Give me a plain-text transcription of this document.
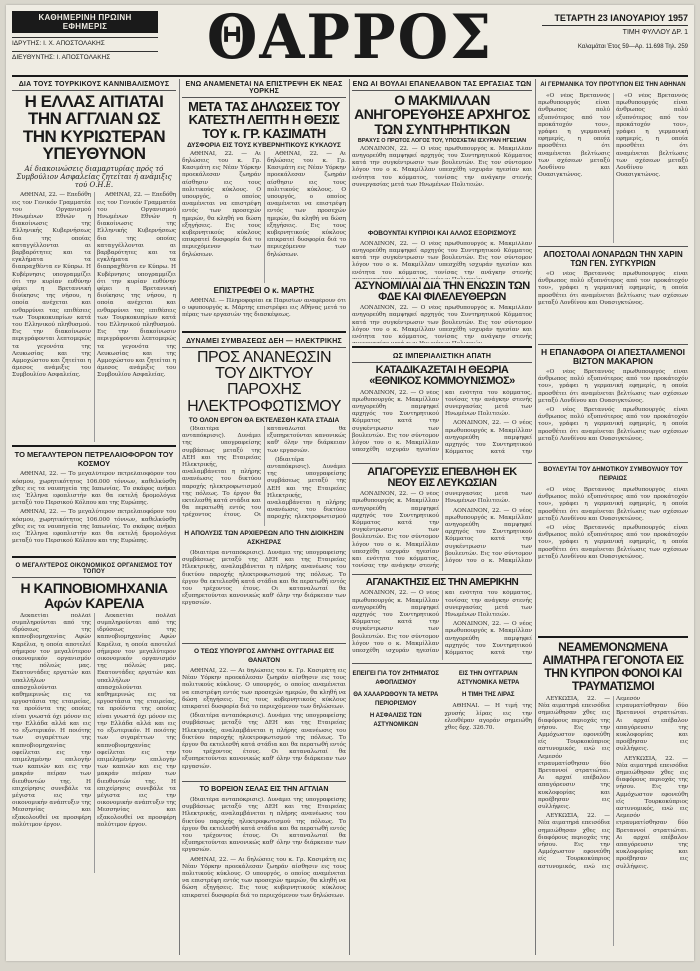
ΚΑΘΗΜΕΡΙΝΗ ΠΡΩΙΝΗ ΕΦΗΜΕΡΙΣ
ΙΔΡΥΤΗΣ: Ι. Χ. ΑΠΟΣΤΟΛΑΚΗΣ
ΔΙΕΥΘΥΝΤΗΣ: Ι. ΑΠΟΣΤΟΛΑΚΗΣ	ΘΑΡΡΟΣ	ΤΕΤΑΡΤΗ 23 ΙΑΝΟΥΑΡΙΟΥ 1957
ΤΙΜΗ ΦΥΛΛΟΥ ΔΡ. 1
Καλαμάται Έτος 59—Αρ. 11.698 Τηλ. 259
ΔΙΑ ΤΟΥΣ ΤΟΥΡΚΙΚΟΥΣ ΚΑΝΝΙΒΑΛΙΣΜΟΥΣ
Η ΕΛΛΑΣ ΑΙΤΙΑΤΑΙ ΤΗΝ ΑΓΓΛΙΑΝ ΩΣ ΤΗΝ ΚΥΡΙΩΤΕΡΑΝ ΥΠΕΥΘΥΝΟΝ
Αί διακοινώσεις διαμαρτυρίας πρός τό Συμβούλιον Ασφαλείας ζητείται ή ανάμιξις τού Ο.Η.Ε.

ΑΘΗΝΑΙ, 22. — Επεδόθη εις τον Γενικόν Γραμματέα του Οργανισμού Ηνωμένων Εθνών η διακοίνωσις της Ελληνικής Κυβερνήσεως δια της οποίας καταγγέλλονται αι βαρβαρότητες και τα εγκλήματα τα διαπραχθέντα εν Κύπρω. Η Κυβέρνησις υπογραμμίζει ότι την κυρίαν ευθύνην φέρει η Βρεταννική διοίκησις της νήσου, η οποία ανέχεται και ενθαρρύνει τας επιθέσεις των Τουρκοκυπρίων κατά του Ελληνικού πληθυσμού. Εις την διακοίνωσιν περιγράφονται λεπτομερώς τα γεγονότα της Λευκωσίας και της Αμμοχώστου και ζητείται η άμεσος ανάμιξις του Συμβουλίου Ασφαλείας.

ΑΘΗΝΑΙ, 22. — Επεδόθη εις τον Γενικόν Γραμματέα του Οργανισμού Ηνωμένων Εθνών η διακοίνωσις της Ελληνικής Κυβερνήσεως δια της οποίας καταγγέλλονται αι βαρβαρότητες και τα εγκλήματα τα διαπραχθέντα εν Κύπρω. Η Κυβέρνησις υπογραμμίζει ότι την κυρίαν ευθύνην φέρει η Βρεταννική διοίκησις της νήσου, η οποία ανέχεται και ενθαρρύνει τας επιθέσεις των Τουρκοκυπρίων κατά του Ελληνικού πληθυσμού. Εις την διακοίνωσιν περιγράφονται λεπτομερώς τα γεγονότα της Λευκωσίας και της Αμμοχώστου και ζητείται η άμεσος ανάμιξις του Συμβουλίου Ασφαλείας.

ΤΟ ΜΕΓΑΛΥΤΕΡΟΝ ΠΕΤΡΕΛΑΙΟΦΟΡΟΝ ΤΟΥ ΚΟΣΜΟΥ

ΑΘΗΝΑΙ, 22. — Το μεγαλύτερον πετρελαιοφόρον του κόσμου, χωρητικότητος 106.000 τόννων, καθελκύσθη χθες εις τα ναυπηγεία της Ιαπωνίας. Το σκάφος ανήκει εις Έλληνα εφοπλιστήν και θα εκτελή δρομολόγια μεταξύ του Περσικού Κόλπου και της Ευρώπης.

ΑΘΗΝΑΙ, 22. — Το μεγαλύτερον πετρελαιοφόρον του κόσμου, χωρητικότητος 106.000 τόννων, καθελκύσθη χθες εις τα ναυπηγεία της Ιαπωνίας. Το σκάφος ανήκει εις Έλληνα εφοπλιστήν και θα εκτελή δρομολόγια μεταξύ του Περσικού Κόλπου και της Ευρώπης.

Ο ΜΕΓΑΛΥΤΕΡΟΣ ΟΙΚΟΝΟΜΙΚΟΣ ΟΡΓΑΝΙΣΜΟΣ ΤΟΥ ΤΟΠΟΥ
Η ΚΑΠΝΟΒΙΟΜΗΧΑΝΙΑ Αφών ΚΑΡΕΛΙΑ

Δεκαετίαι πολλαί συμπληρούνται από της ιδρύσεως της καπνοβιομηχανίας Αφών Καρέλια, η οποία αποτελεί σήμερον τον μεγαλύτερον οικονομικόν οργανισμόν της πόλεώς μας. Εκατοντάδες εργατών και υπαλλήλων απασχολούνται καθημερινώς εις τα εργοστάσια της εταιρείας, τα προϊόντα της οποίας είναι γνωστά όχι μόνον εις την Ελλάδα αλλά και εις το εξωτερικόν. Η ποιότης των σιγαρέττων της καπνοβιομηχανίας οφείλεται εις την επιμελημένην επιλογήν των καπνών και εις την μακράν πείραν των διευθυντών της. Η επιχείρησις συνεβάλε τα μέγιστα εις την οικονομικήν ανάπτυξιν της Μεσσηνίας και εξακολουθεί να προσφέρη πολύτιμον έργον.

Δεκαετίαι πολλαί συμπληρούνται από της ιδρύσεως της καπνοβιομηχανίας Αφών Καρέλια, η οποία αποτελεί σήμερον τον μεγαλύτερον οικονομικόν οργανισμόν της πόλεώς μας. Εκατοντάδες εργατών και υπαλλήλων απασχολούνται καθημερινώς εις τα εργοστάσια της εταιρείας, τα προϊόντα της οποίας είναι γνωστά όχι μόνον εις την Ελλάδα αλλά και εις το εξωτερικόν. Η ποιότης των σιγαρέττων της καπνοβιομηχανίας οφείλεται εις την επιμελημένην επιλογήν των καπνών και εις την μακράν πείραν των διευθυντών της. Η επιχείρησις συνεβάλε τα μέγιστα εις την οικονομικήν ανάπτυξιν της Μεσσηνίας και εξακολουθεί να προσφέρη πολύτιμον έργον.

ΕΝΩ ΑΝΑΜΕΝΕΤΑΙ ΝΑ ΕΠΙΣΤΡΕΨΗ ΕΚ ΝΕΑΣ ΥΟΡΚΗΣ
ΜΕΤΑ ΤΑΣ ΔΗΛΩΣΕΙΣ ΤΟΥ ΚΑΤΕΣΤΗ ΛΕΠΤΗ Η ΘΕΣΙΣ ΤΟΥ κ. ΓΡ. ΚΑΣΙΜΑΤΗ
ΔΥΣΦΟΡΙΑ ΕΙΣ ΤΟΥΣ ΚΥΒΕΡΝΗΤΙΚΟΥΣ ΚΥΚΛΟΥΣ

ΑΘΗΝΑΙ, 22. — Αι δηλώσεις του κ. Γρ. Κασιμάτη εις Νέαν Υόρκην προεκάλεσαν ζωηράν αίσθησιν εις τους πολιτικούς κύκλους. Ο υπουργός, ο οποίος αναμένεται να επιστρέψη εντός των προσεχών ημερών, θα κληθή να δώση εξηγήσεις. Εις τους κυβερνητικούς κύκλους επικρατεί δυσφορία διά το περιεχόμενον των δηλώσεων.

ΑΘΗΝΑΙ, 22. — Αι δηλώσεις του κ. Γρ. Κασιμάτη εις Νέαν Υόρκην προεκάλεσαν ζωηράν αίσθησιν εις τους πολιτικούς κύκλους. Ο υπουργός, ο οποίος αναμένεται να επιστρέψη εντός των προσεχών ημερών, θα κληθή να δώση εξηγήσεις. Εις τους κυβερνητικούς κύκλους επικρατεί δυσφορία διά το περιεχόμενον των δηλώσεων.

ΕΠΙΣΤΡΕΦΕΙ Ο κ. ΜΑΡΤΗΣ

ΑΘΗΝΑΙ. — Πληροφορίαι εκ Παρισίων αναφέρουν ότι ο υφυπουργός κ. Μάρτης επιστρέφει εις Αθήνας μετά το πέρας των εργασιών της διασκέψεως.

ΔΥΝΑΜΕΙ ΣΥΜΒΑΣΕΩΣ ΔΕΗ — ΗΛΕΚΤΡΙΚΗΣ
ΠΡΟΣ ΑΝΑΝΕΩΣΙΝ ΤΟΥ ΔΙΚΤΥΟΥ ΠΑΡΟΧΗΣ ΗΛΕΚΤΡΟΦΩΤΙΣΜΟΥ
ΤΟ ΟΛΟΝ ΕΡΓΟΝ ΘΑ ΕΚΤΕΛΕΣΘΗ ΚΑΤΑ ΣΤΑΔΙΑ

(Ιδιαιτέρα ανταπόκρισις). Δυνάμει της υπογραφείσης συμβάσεως μεταξύ της ΔΕΗ και της Εταιρείας Ηλεκτρικής, αναλαμβάνεται η πλήρης ανανέωσις του δικτύου παροχής ηλεκτροφωτισμού της πόλεως. Το έργον θα εκτελεσθή κατά στάδια και θα περατωθή εντός του τρέχοντος έτους. Οι καταναλωταί θα εξυπηρετούνται κανονικώς καθ' όλην την διάρκειαν των εργασιών.

(Ιδιαιτέρα ανταπόκρισις). Δυνάμει της υπογραφείσης συμβάσεως μεταξύ της ΔΕΗ και της Εταιρείας Ηλεκτρικής, αναλαμβάνεται η πλήρης ανανέωσις του δικτύου παροχής ηλεκτροφωτισμού

Η ΑΠΟΛΥΣΙΣ ΤΩΝ ΑΡΧΙΕΡΕΩΝ ΑΠΟ ΤΗΝ ΔΙΟΙΚΗΣΙΝ ΑΣΚΗΣΡΑΣ

(Ιδιαιτέρα ανταπόκρισις). Δυνάμει της υπογραφείσης συμβάσεως μεταξύ της ΔΕΗ και της Εταιρείας Ηλεκτρικής, αναλαμβάνεται η πλήρης ανανέωσις του δικτύου παροχής ηλεκτροφωτισμού της πόλεως. Το έργον θα εκτελεσθή κατά στάδια και θα περατωθή εντός του τρέχοντος έτους. Οι καταναλωταί θα εξυπηρετούνται κανονικώς καθ' όλην την διάρκειαν των εργασιών.

Ο ΤΕΩΣ ΥΠΟΥΡΓΟΣ ΑΜΥΝΗΣ ΟΥΓΓΑΡΙΑΣ ΕΙΣ ΘΑΝΑΤΟΝ

ΑΘΗΝΑΙ, 22. — Αι δηλώσεις του κ. Γρ. Κασιμάτη εις Νέαν Υόρκην προεκάλεσαν ζωηράν αίσθησιν εις τους πολιτικούς κύκλους. Ο υπουργός, ο οποίος αναμένεται να επιστρέψη εντός των προσεχών ημερών, θα κληθή να δώση εξηγήσεις. Εις τους κυβερνητικούς κύκλους επικρατεί δυσφορία διά το περιεχόμενον των δηλώσεων.

(Ιδιαιτέρα ανταπόκρισις). Δυνάμει της υπογραφείσης συμβάσεως μεταξύ της ΔΕΗ και της Εταιρείας Ηλεκτρικής, αναλαμβάνεται η πλήρης ανανέωσις του δικτύου παροχής ηλεκτροφωτισμού της πόλεως. Το έργον θα εκτελεσθή κατά στάδια και θα περατωθή εντός του τρέχοντος έτους. Οι καταναλωταί θα εξυπηρετούνται κανονικώς καθ' όλην την διάρκειαν των εργασιών.

ΤΟ ΒΟΡΕΙΟΝ ΣΕΛΑΣ ΕΙΣ ΤΗΝ ΑΓΓΛΙΑΝ

(Ιδιαιτέρα ανταπόκρισις). Δυνάμει της υπογραφείσης συμβάσεως μεταξύ της ΔΕΗ και της Εταιρείας Ηλεκτρικής, αναλαμβάνεται η πλήρης ανανέωσις του δικτύου παροχής ηλεκτροφωτισμού της πόλεως. Το έργον θα εκτελεσθή κατά στάδια και θα περατωθή εντός του τρέχοντος έτους. Οι καταναλωταί θα εξυπηρετούνται κανονικώς καθ' όλην την διάρκειαν των εργασιών.

ΑΘΗΝΑΙ, 22. — Αι δηλώσεις του κ. Γρ. Κασιμάτη εις Νέαν Υόρκην προεκάλεσαν ζωηράν αίσθησιν εις τους πολιτικούς κύκλους. Ο υπουργός, ο οποίος αναμένεται να επιστρέψη εντός των προσεχών ημερών, θα κληθή να δώση εξηγήσεις. Εις τους κυβερνητικούς κύκλους επικρατεί δυσφορία διά το περιεχόμενον των δηλώσεων.

ΕΝΩ ΑΙ ΒΟΥΛΑΙ ΕΠΑΝΕΛΑΒΟΝ ΤΑΣ ΕΡΓΑΣΙΑΣ ΤΩΝ
Ο ΜΑΚΜΙΛΛΑΝ ΑΝΗΓΟΡΕΥΘΗΣΕ ΑΡΧΗΓΟΣ ΤΩΝ ΣΥΝΤΗΡΗΤΙΚΩΝ
ΒΡΑΧΥΣ Ο ΠΡΩΤΟΣ ΛΟΓΟΣ ΤΟΥ, ΥΠΟΣΧΕΤΑΙ ΙΣΧΥΡΑΝ ΗΓΕΣΙΑΝ

ΛΟΝΔΙΝΟΝ, 22. — Ο νέος πρωθυπουργός κ. Μακμίλλαν ανηγορεύθη παμψηφεί αρχηγός του Συντηρητικού Κόμματος κατά την συγκέντρωσιν των βουλευτών. Εις τον σύντομον λόγον του ο κ. Μακμίλλαν υπεσχέθη ισχυράν ηγεσίαν και ενότητα του κόμματος, τονίσας την ανάγκην στενής συνεργασίας μετά των Ηνωμένων Πολιτειών.

ΦΟΒΟΥΝΤΑΙ ΚΥΠΡΙΟΙ ΚΑΙ ΑΛΛΟΣ ΕΞΟΡΙΣΜΟΥΣ

ΛΟΝΔΙΝΟΝ, 22. — Ο νέος πρωθυπουργός κ. Μακμίλλαν ανηγορεύθη παμψηφεί αρχηγός του Συντηρητικού Κόμματος κατά την συγκέντρωσιν των βουλευτών. Εις τον σύντομον λόγον του ο κ. Μακμίλλαν υπεσχέθη ισχυράν ηγεσίαν και ενότητα του κόμματος, τονίσας την ανάγκην στενής

ΑΣΥΝΟΜΙΛΙΑΙ ΔΙΑ ΤΗΝ ΕΝΩΣΙΝ ΤΩΝ ΦΔΕ ΚΑΙ ΦΙΛΕΛΕΥΘΕΡΩΝ

ΛΟΝΔΙΝΟΝ, 22. — Ο νέος πρωθυπουργός κ. Μακμίλλαν ανηγορεύθη παμψηφεί αρχηγός του Συντηρητικού Κόμματος κατά την συγκέντρωσιν των βουλευτών. Εις τον σύντομον λόγον του ο κ. Μακμίλλαν υπεσχέθη ισχυράν ηγεσίαν και ενότητα του κόμματος, τονίσας την ανάγκην στενής

ΩΣ ΙΜΠΕΡΙΑΛΙΣΤΙΚΗ ΑΠΑΤΗ
ΚΑΤΑΔΙΚΑΖΕΤΑΙ Η ΘΕΩΡΙΑ «ΕΘΝΙΚΟΣ ΚΟΜΜΟΥΝΙΣΜΟΣ»

ΛΟΝΔΙΝΟΝ, 22. — Ο νέος πρωθυπουργός κ. Μακμίλλαν ανηγορεύθη παμψηφεί αρχηγός του Συντηρητικού Κόμματος κατά την συγκέντρωσιν των βουλευτών. Εις τον σύντομον λόγον του ο κ. Μακμίλλαν υπεσχέθη ισχυράν ηγεσίαν και ενότητα του κόμματος, τονίσας την ανάγκην στενής συνεργασίας μετά των Ηνωμένων Πολιτειών.

ΛΟΝΔΙΝΟΝ, 22. — Ο νέος πρωθυπουργός κ. Μακμίλλαν ανηγορεύθη παμψηφεί αρχηγός του Συντηρητικού Κόμματος κατά την

ΑΠΑΓΟΡΕΥΣΙΣ ΕΠΕΒΛΗΘΗ ΕΚ ΝΕΟΥ ΕΙΣ ΛΕΥΚΩΣΙΑΝ

ΛΟΝΔΙΝΟΝ, 22. — Ο νέος πρωθυπουργός κ. Μακμίλλαν ανηγορεύθη παμψηφεί αρχηγός του Συντηρητικού Κόμματος κατά την συγκέντρωσιν των βουλευτών. Εις τον σύντομον λόγον του ο κ. Μακμίλλαν υπεσχέθη ισχυράν ηγεσίαν και ενότητα του κόμματος, τονίσας την ανάγκην στενής συνεργασίας μετά των Ηνωμένων Πολιτειών.

ΛΟΝΔΙΝΟΝ, 22. — Ο νέος πρωθυπουργός κ. Μακμίλλαν ανηγορεύθη παμψηφεί αρχηγός του Συντηρητικού Κόμματος κατά την συγκέντρωσιν των βουλευτών. Εις τον σύντομον λόγον του ο κ. Μακμίλλαν

ΑΓΑΝΑΚΤΗΣΙΣ ΕΙΣ ΤΗΝ ΑΜΕΡΙΚΗΝ

ΛΟΝΔΙΝΟΝ, 22. — Ο νέος πρωθυπουργός κ. Μακμίλλαν ανηγορεύθη παμψηφεί αρχηγός του Συντηρητικού Κόμματος κατά την συγκέντρωσιν των βουλευτών. Εις τον σύντομον λόγον του ο κ. Μακμίλλαν υπεσχέθη ισχυράν ηγεσίαν και ενότητα του κόμματος, τονίσας την ανάγκην στενής συνεργασίας μετά των Ηνωμένων Πολιτειών.

ΛΟΝΔΙΝΟΝ, 22. — Ο νέος πρωθυπουργός κ. Μακμίλλαν ανηγορεύθη παμψηφεί αρχηγός του Συντηρητικού Κόμματος κατά την

ΕΠΕΙΓΕΙ ΓΙΑ ΤΟΥ ΖΗΤΗΜΑΤΟΣ ΑΦΟΠΛΙΣΜΟΥ
ΘΑ ΧΑΛΑΡΩΘΟΥΝ ΤΑ ΜΕΤΡΑ ΠΕΡΙΟΡΙΣΜΟΥ
Η ΑΣΦΑΛΙΣΙΣ ΤΩΝ ΑΣΤΥΝΟΜΙΚΩΝ
ΕΙΣ ΤΗΝ ΟΥΓΓΑΡΙΑΝ ΑΣΤΥΝΟΜΙΚΑ ΜΕΤΡΑ
Η ΤΙΜΗ ΤΗΣ ΛΙΡΑΣ

ΑΘΗΝΑΙ. — Η τιμή της χρυσής λίρας εις την ελευθέραν αγοράν σημειώθη χθες δρχ. 326.70.

ΑΙ ΓΕΡΜΑΝΙΚΑ ΤΟΥ ΠΡΟΤΥΠΟΝ ΕΙΣ ΤΗΝ ΑΘΗΝΑΝ

«Ο νέος Βρεταννός πρωθυπουργός είναι άνθρωπος πολύ εξυπνότερος από τον προκάτοχόν του», γράφει η γερμανική εφημερίς, η οποία προσθέτει ότι αναμένεται βελτίωσις των σχέσεων μεταξύ Λονδίνου και Ουασιγκτώνος.

«Ο νέος Βρεταννός πρωθυπουργός είναι άνθρωπος πολύ εξυπνότερος από τον προκάτοχόν του», γράφει η γερμανική εφημερίς, η οποία προσθέτει ότι αναμένεται βελτίωσις των σχέσεων μεταξύ Λονδίνου και Ουασιγκτώνος.

ΑΠΟΣΤΟΛΑΙ ΛΟΝΑΡΔΩΝ ΤΗΝ ΧΑΡΙΝ ΤΩΝ ΓΕΝ. ΣΥΓΚΥΡΙΩΝ

«Ο νέος Βρεταννός πρωθυπουργός είναι άνθρωπος πολύ εξυπνότερος από τον προκάτοχόν του», γράφει η γερμανική εφημερίς, η οποία προσθέτει ότι αναμένεται βελτίωσις των σχέσεων μεταξύ Λονδίνου και Ουασιγκτώνος.

Η ΕΠΑΝΑΦΟΡΑ ΟΙ ΑΠΕΣΤΑΛΜΕΝΟΙ ΒΙΖΤΟΝ ΜΑΚΑΡΙΟΝ

«Ο νέος Βρεταννός πρωθυπουργός είναι άνθρωπος πολύ εξυπνότερος από τον προκάτοχόν του», γράφει η γερμανική εφημερίς, η οποία προσθέτει ότι αναμένεται βελτίωσις των σχέσεων μεταξύ Λονδίνου και Ουασιγκτώνος.

«Ο νέος Βρεταννός πρωθυπουργός είναι άνθρωπος πολύ εξυπνότερος από τον προκάτοχόν του», γράφει η γερμανική εφημερίς, η οποία προσθέτει ότι αναμένεται βελτίωσις των σχέσεων μεταξύ Λονδίνου και Ουασιγκτώνος.

ΒΟΥΛΕΥΤΑΙ ΤΟΥ ΔΗΜΟΤΙΚΟΥ ΣΥΜΒΟΥΛΙΟΥ ΤΟΥ ΠΕΙΡΑΙΩΣ

«Ο νέος Βρεταννός πρωθυπουργός είναι άνθρωπος πολύ εξυπνότερος από τον προκάτοχόν του», γράφει η γερμανική εφημερίς, η οποία προσθέτει ότι αναμένεται βελτίωσις των σχέσεων μεταξύ Λονδίνου και Ουασιγκτώνος.

«Ο νέος Βρεταννός πρωθυπουργός είναι άνθρωπος πολύ εξυπνότερος από τον προκάτοχόν του», γράφει η γερμανική εφημερίς, η οποία προσθέτει ότι αναμένεται βελτίωσις των σχέσεων μεταξύ Λονδίνου και Ουασιγκτώνος.

ΝΕΑΜΕΜΟΝΩΜΕΝΑ ΑΙΜΑΤΗΡΑ ΓΕΓΟΝΟΤΑ ΕΙΣ ΤΗΝ ΚΥΠΡΟΝ ΦΟΝΟΙ ΚΑΙ ΤΡΑΥΜΑΤΙΣΜΟΙ

ΛΕΥΚΩΣΙΑ, 22. — Νέα αιματηρά επεισόδια σημειώθησαν χθες εις διαφόρους περιοχάς της νήσου. Εις την Αμμόχωστον εφονεύθη είς Τουρκοκύπριος αστυνομικός, ενώ εις Λεμεσόν ετραυματίσθησαν δύο Βρεταννοί στρατιώται. Αι αρχαί επέβαλον απαγόρευσιν της κυκλοφορίας και προέβησαν εις συλλήψεις.

ΛΕΥΚΩΣΙΑ, 22. — Νέα αιματηρά επεισόδια σημειώθησαν χθες εις διαφόρους περιοχάς της νήσου. Εις την Αμμόχωστον εφονεύθη είς Τουρκοκύπριος αστυνομικός, ενώ εις Λεμεσόν ετραυματίσθησαν δύο Βρεταννοί στρατιώται. Αι αρχαί επέβαλον απαγόρευσιν της κυκλοφορίας και προέβησαν εις συλλήψεις.

ΛΕΥΚΩΣΙΑ, 22. — Νέα αιματηρά επεισόδια σημειώθησαν χθες εις διαφόρους περιοχάς της νήσου. Εις την Αμμόχωστον εφονεύθη είς Τουρκοκύπριος αστυνομικός, ενώ εις Λεμεσόν ετραυματίσθησαν δύο Βρεταννοί στρατιώται. Αι αρχαί επέβαλον απαγόρευσιν της κυκλοφορίας και προέβησαν εις συλλήψεις.
